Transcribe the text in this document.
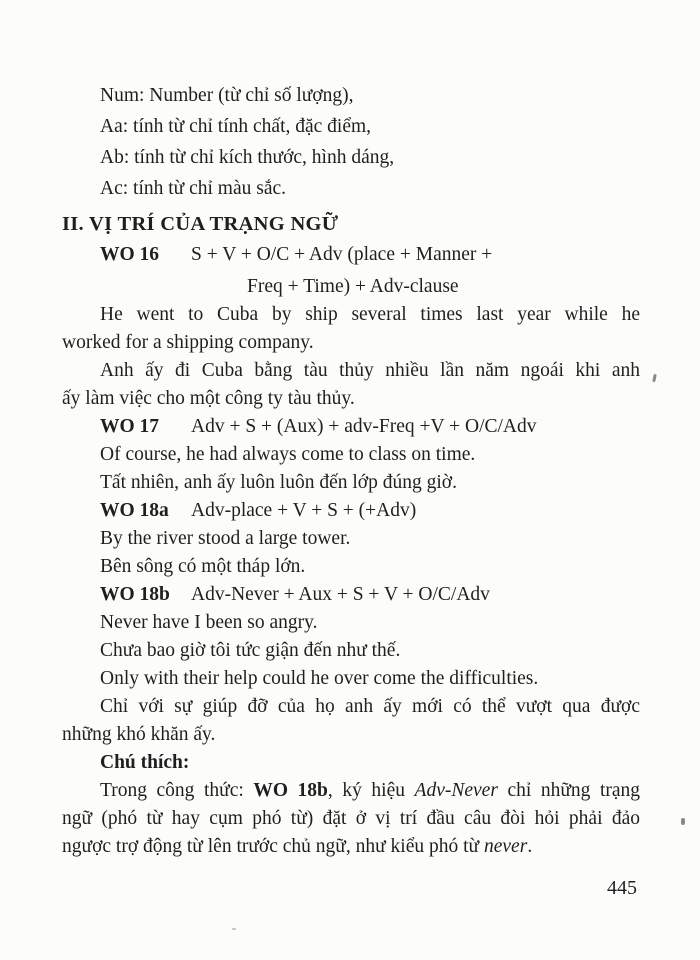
Num: Number (từ chỉ số lượng),
Aa: tính từ chỉ tính chất, đặc điểm,
Ab: tính từ chỉ kích thước, hình dáng,
Ac: tính từ chỉ màu sắc.
II. VỊ TRÍ CỦA TRẠNG NGỮ
WO 16 S + V + O/C + Adv (place + Manner +
Freq + Time) + Adv-clause
He went to Cuba by ship several times last year while he
worked for a shipping company.
Anh ấy đi Cuba bằng tàu thủy nhiều lần năm ngoái khi anh
ấy làm việc cho một công ty tàu thủy.
WO 17 Adv + S + (Aux) + adv-Freq +V + O/C/Adv
Of course, he had always come to class on time.
Tất nhiên, anh ấy luôn luôn đến lớp đúng giờ.
WO 18a Adv-place + V + S + (+Adv)
By the river stood a large tower.
Bên sông có một tháp lớn.
WO 18b Adv-Never + Aux + S + V + O/C/Adv
Never have I been so angry.
Chưa bao giờ tôi tức giận đến như thế.
Only with their help could he over come the difficulties.
Chỉ với sự giúp đỡ của họ anh ấy mới có thể vượt qua được
những khó khăn ấy.
Chú thích:
Trong công thức: WO 18b, ký hiệu Adv-Never chỉ những trạng
ngữ (phó từ hay cụm phó từ) đặt ở vị trí đầu câu đòi hỏi phải đảo
ngược trợ động từ lên trước chủ ngữ, như kiểu phó từ never.
445
